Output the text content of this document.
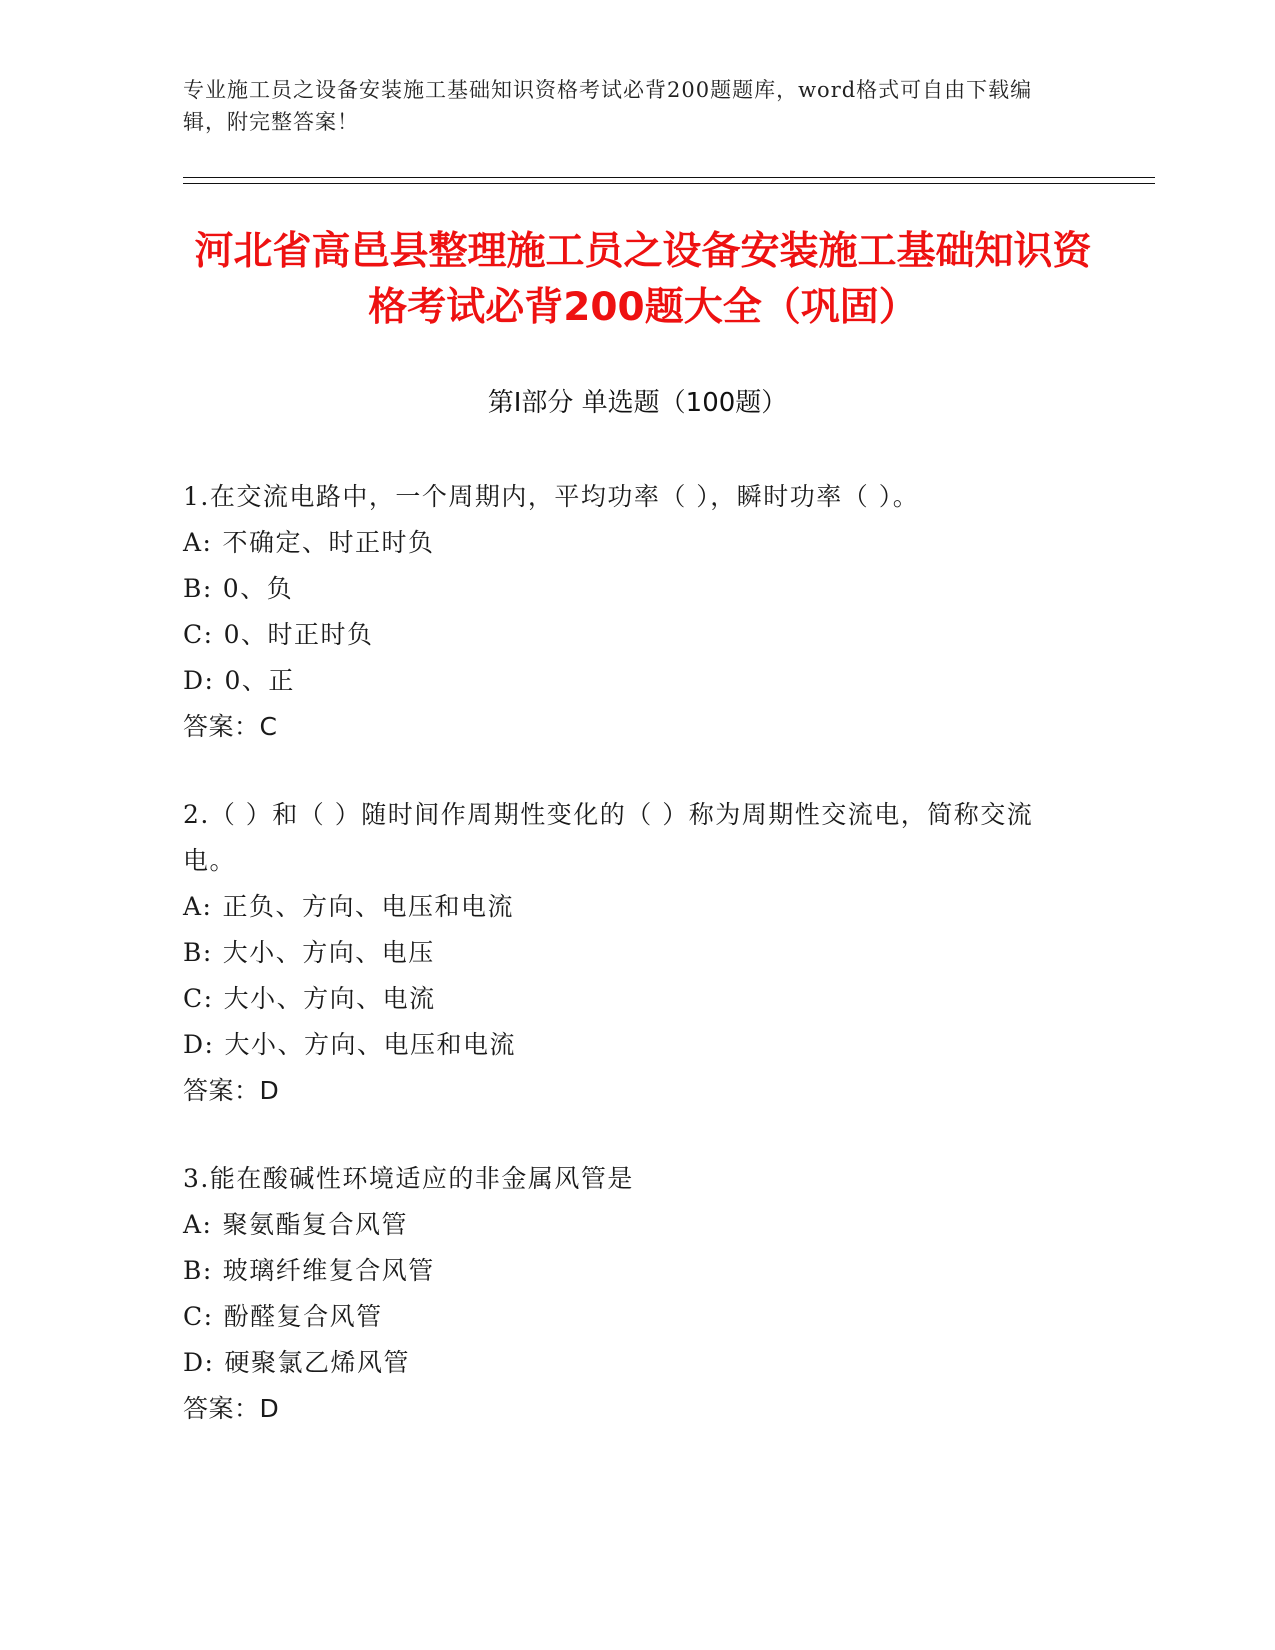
专业施工员之设备安装施工基础知识资格考试必背200题题库，word格式可自由下载编辑，附完整答案！
河北省高邑县整理施工员之设备安装施工基础知识资格考试必背200题大全（巩固）
第I部分 单选题（100题）
1.在交流电路中，一个周期内，平均功率（ ），瞬时功率（ ）。
A: 不确定、时正时负
B: 0、负
C: 0、时正时负
D: 0、正
答案：C
2.（ ）和（ ）随时间作周期性变化的（ ）称为周期性交流电，简称交流电。
A: 正负、方向、电压和电流
B: 大小、方向、电压
C: 大小、方向、电流
D: 大小、方向、电压和电流
答案：D
3.能在酸碱性环境适应的非金属风管是
A: 聚氨酯复合风管
B: 玻璃纤维复合风管
C: 酚醛复合风管
D: 硬聚氯乙烯风管
答案：D
